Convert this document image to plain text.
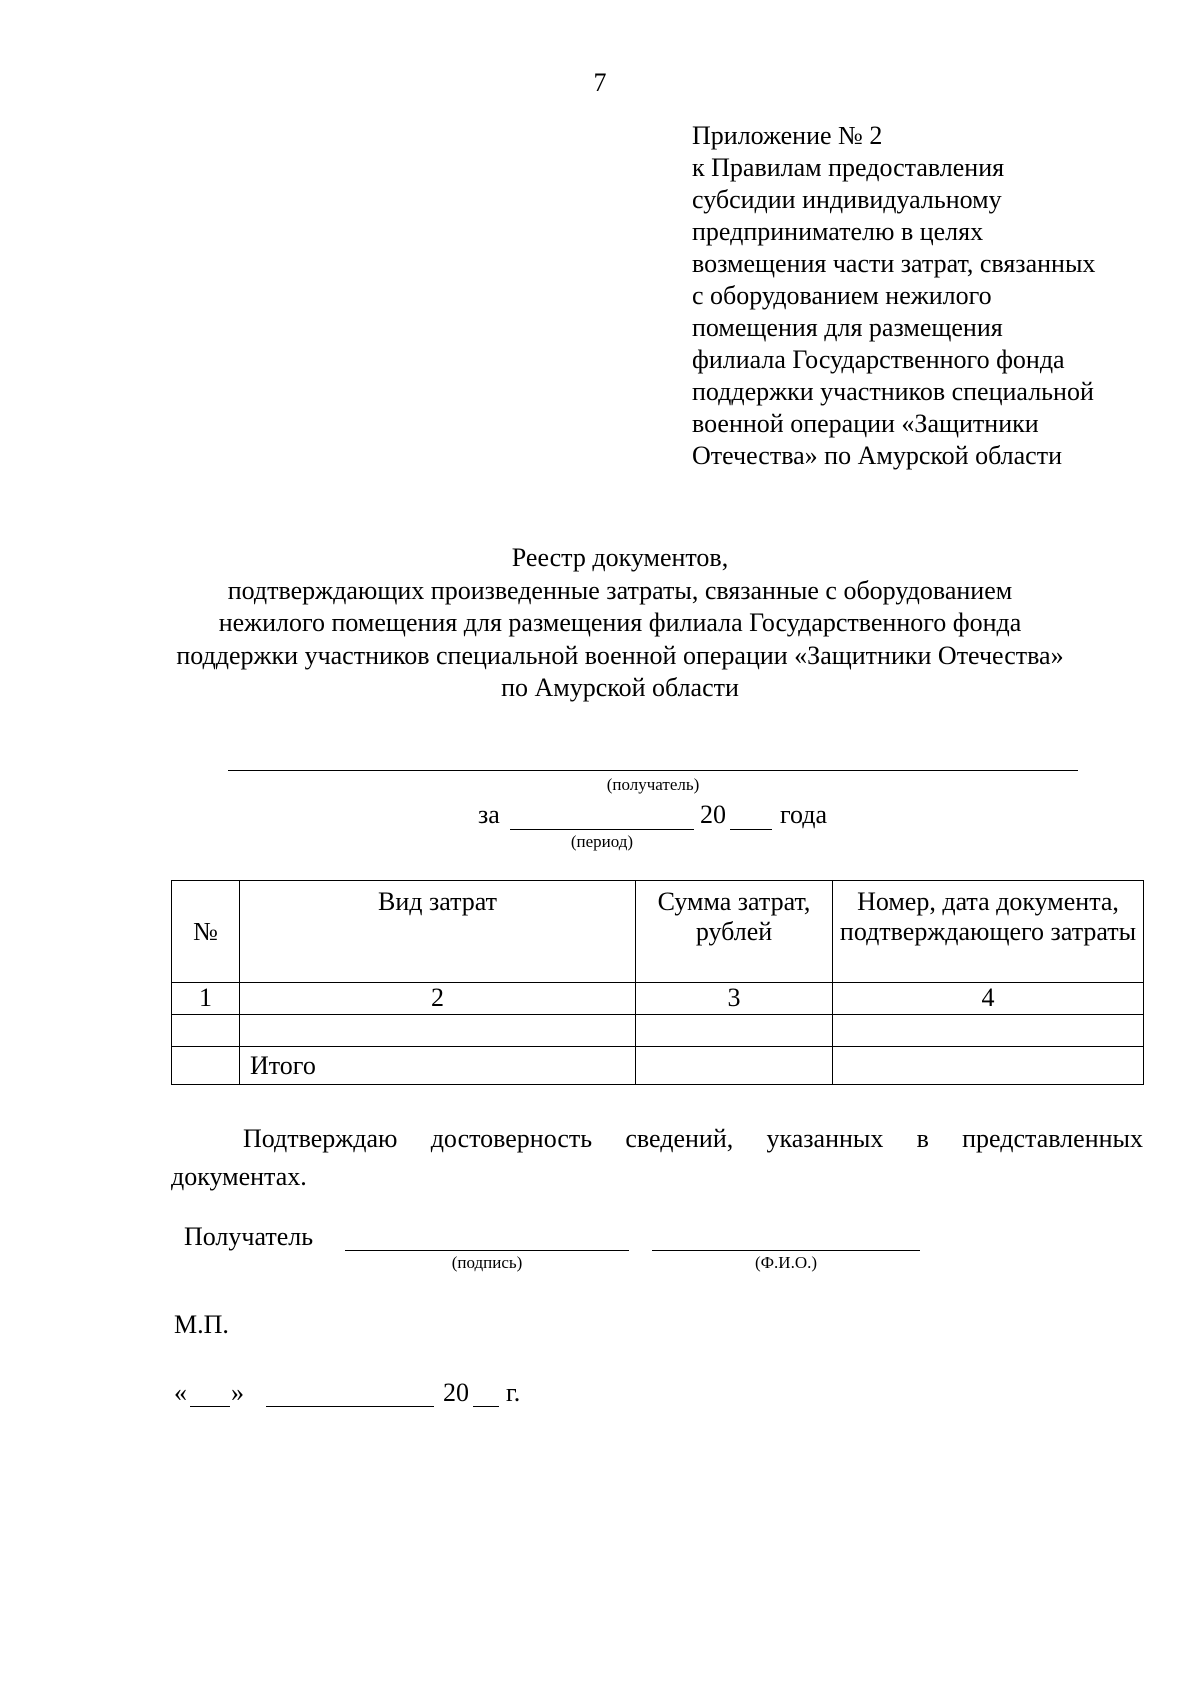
7
Приложение № 2
к Правилам предоставления
субсидии индивидуальному
предпринимателю в целях
возмещения части затрат, связанных
с оборудованием нежилого
помещения для размещения
филиала Государственного фонда
поддержки участников специальной
военной операции «Защитники
Отечества» по Амурской области
Реестр документов,
подтверждающих произведенные затраты, связанные с оборудованием
нежилого помещения для размещения филиала Государственного фонда
поддержки участников специальной военной операции «Защитники Отечества»
по Амурской области
(получатель)
за
(период)
20 года
№	Вид затрат	Сумма затрат, рублей	Номер, дата документа, подтверждающего затраты

1	2	3	4

	Итого		
Подтверждаю достоверность сведений, указанных в представленных
документах.
Получатель
(подпись)	(Ф.И.О.)
М.П.
« »	20 г.
